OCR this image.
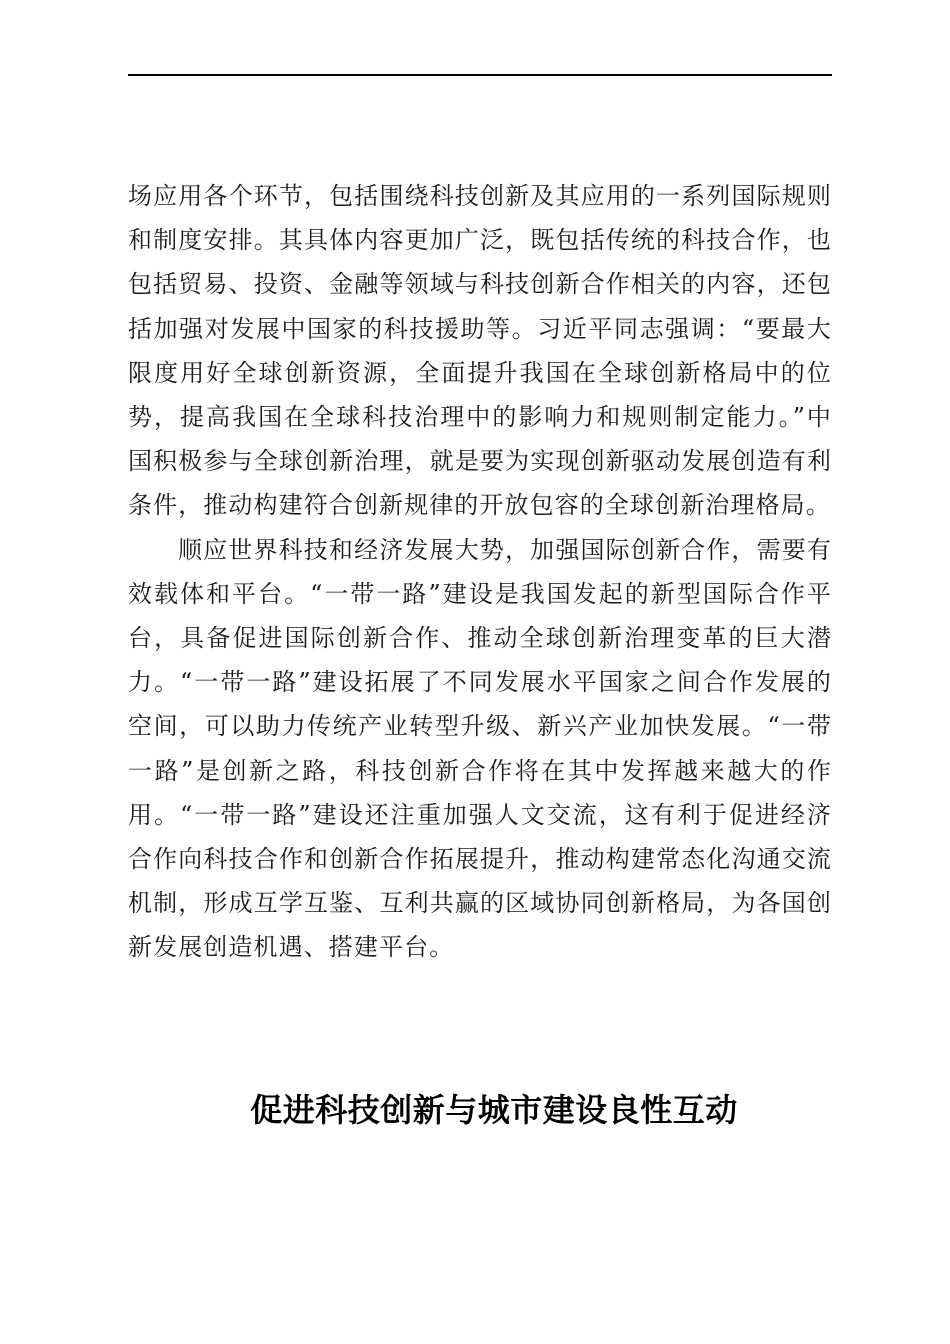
场应用各个环节，包括围绕科技创新及其应用的一系列国际规则和制度安排。其具体内容更加广泛，既包括传统的科技合作，也包括贸易、投资、金融等领域与科技创新合作相关的内容，还包括加强对发展中国家的科技援助等。习近平同志强调：“要最大限度用好全球创新资源，全面提升我国在全球创新格局中的位势，提高我国在全球科技治理中的影响力和规则制定能力。”中国积极参与全球创新治理，就是要为实现创新驱动发展创造有利条件，推动构建符合创新规律的开放包容的全球创新治理格局。

顺应世界科技和经济发展大势，加强国际创新合作，需要有效载体和平台。“一带一路”建设是我国发起的新型国际合作平台，具备促进国际创新合作、推动全球创新治理变革的巨大潜力。“一带一路”建设拓展了不同发展水平国家之间合作发展的空间，可以助力传统产业转型升级、新兴产业加快发展。“一带一路”是创新之路，科技创新合作将在其中发挥越来越大的作用。“一带一路”建设还注重加强人文交流，这有利于促进经济合作向科技合作和创新合作拓展提升，推动构建常态化沟通交流机制，形成互学互鉴、互利共赢的区域协同创新格局，为各国创新发展创造机遇、搭建平台。

促进科技创新与城市建设良性互动
